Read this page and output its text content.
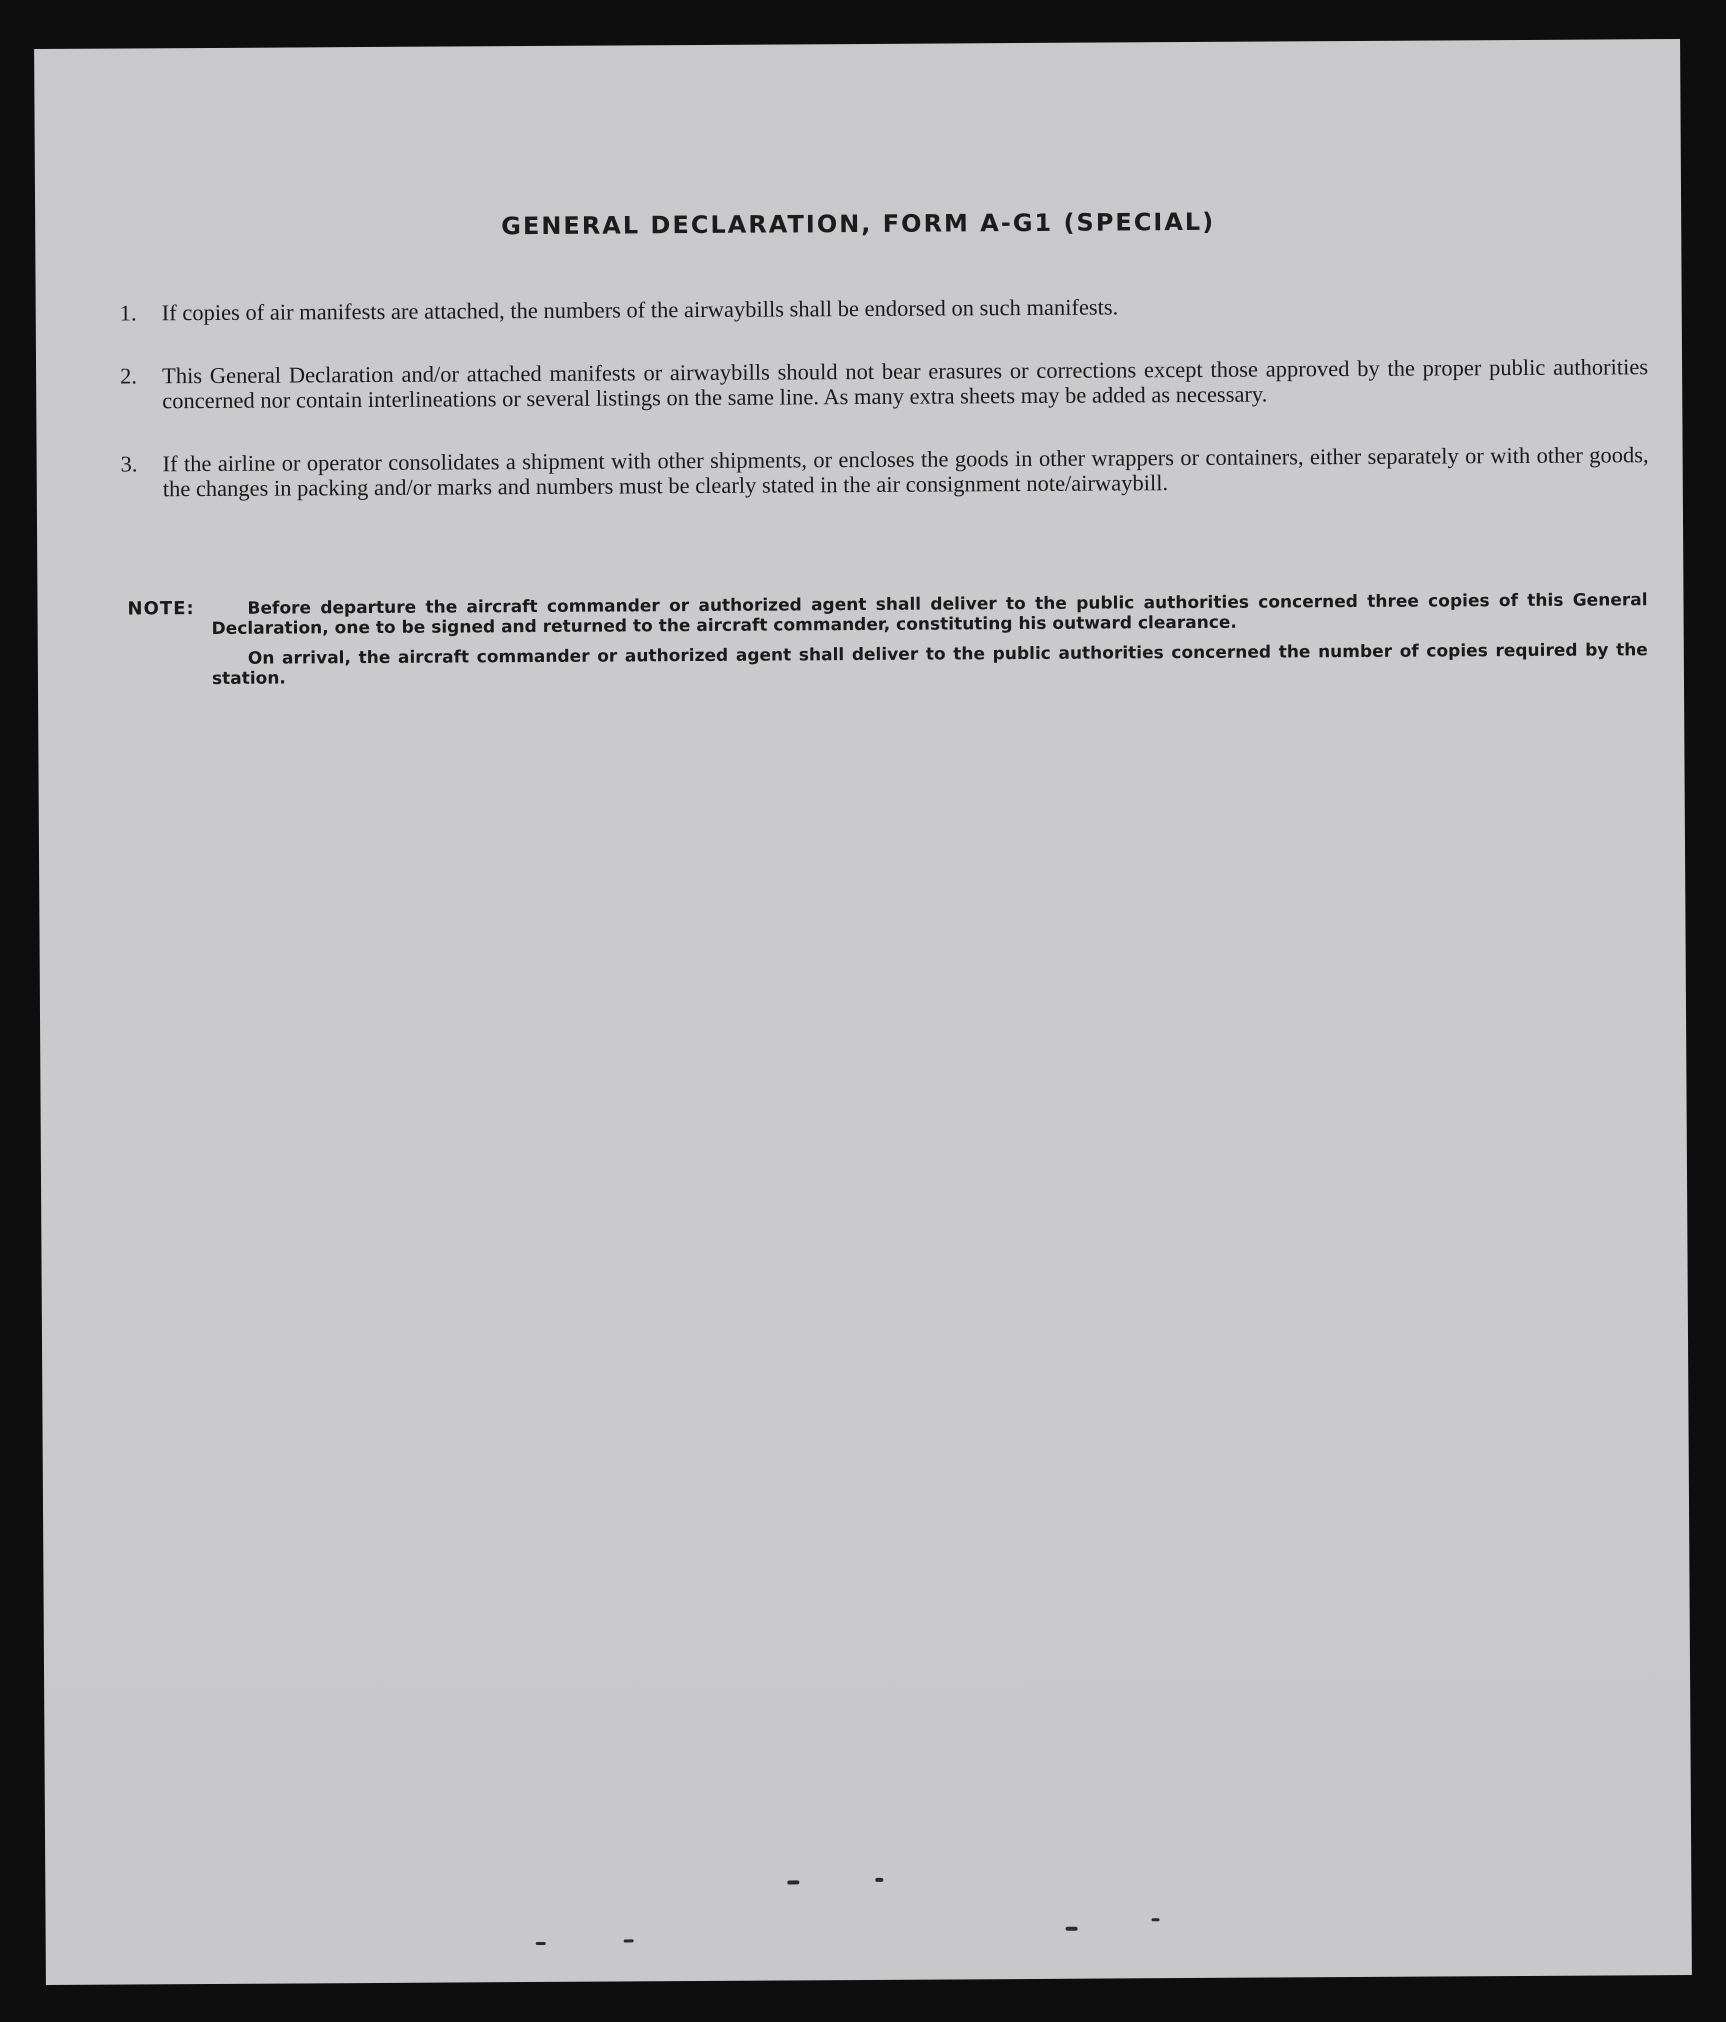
GENERAL DECLARATION, FORM A-G1 (SPECIAL)
1. If copies of air manifests are attached, the numbers of the airwaybills shall be endorsed on such manifests.
2. This General Declaration and/or attached manifests or airwaybills should not bear erasures or corrections except those approved by the proper public authorities concerned nor contain interlineations or several listings on the same line. As many extra sheets may be added as necessary.
3. If the airline or operator consolidates a shipment with other shipments, or encloses the goods in other wrappers or containers, either separately or with other goods, the changes in packing and/or marks and numbers must be clearly stated in the air consignment note/airwaybill.
NOTE:	Before departure the aircraft commander or authorized agent shall deliver to the public authorities concerned three copies of this General Declaration, one to be signed and returned to the aircraft commander, constituting his outward clearance.

On arrival, the aircraft commander or authorized agent shall deliver to the public authorities concerned the number of copies required by the station.
